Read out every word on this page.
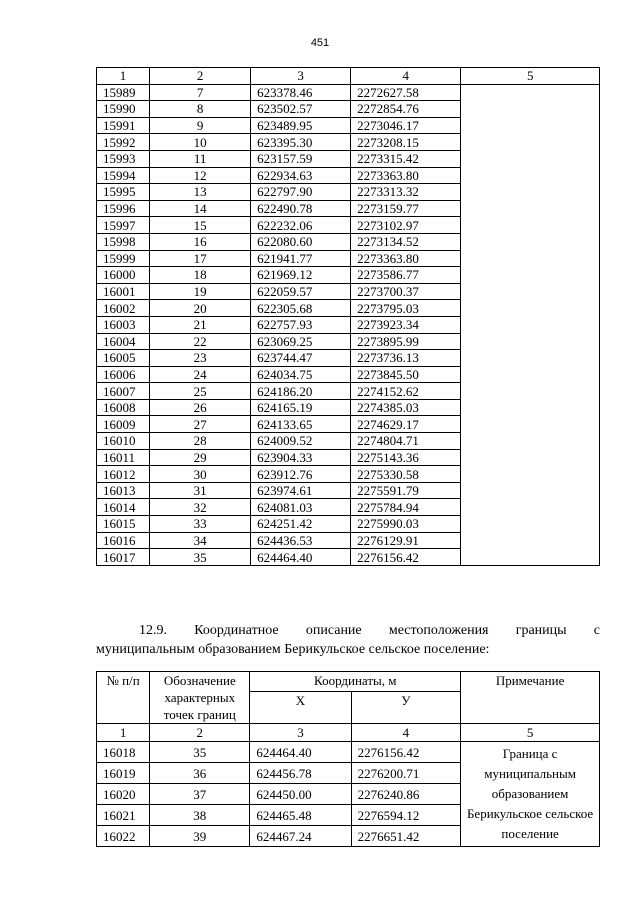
451
1	2	3	4	5
15989	7	623378.46	2272627.58	
15990	8	623502.57	2272854.76	
15991	9	623489.95	2273046.17	
15992	10	623395.30	2273208.15	
15993	11	623157.59	2273315.42	
15994	12	622934.63	2273363.80	
15995	13	622797.90	2273313.32	
15996	14	622490.78	2273159.77	
15997	15	622232.06	2273102.97	
15998	16	622080.60	2273134.52	
15999	17	621941.77	2273363.80	
16000	18	621969.12	2273586.77	
16001	19	622059.57	2273700.37	
16002	20	622305.68	2273795.03	
16003	21	622757.93	2273923.34	
16004	22	623069.25	2273895.99	
16005	23	623744.47	2273736.13	
16006	24	624034.75	2273845.50	
16007	25	624186.20	2274152.62	
16008	26	624165.19	2274385.03	
16009	27	624133.65	2274629.17	
16010	28	624009.52	2274804.71	
16011	29	623904.33	2275143.36	
16012	30	623912.76	2275330.58	
16013	31	623974.61	2275591.79	
16014	32	624081.03	2275784.94	
16015	33	624251.42	2275990.03	
16016	34	624436.53	2276129.91	
16017	35	624464.40	2276156.42	
12.9. Координатное описание местоположения границы с
муниципальным образованием Берикульское сельское поселение:
№ п/п	Обозначение характерных точек границ	Координаты, м		Примечание
		X	У	
1	2	3	4	5
16018	35	624464.40	2276156.42	Граница с муниципальным образованием Берикульское сельское поселение
16019	36	624456.78	2276200.71	
16020	37	624450.00	2276240.86	
16021	38	624465.48	2276594.12	
16022	39	624467.24	2276651.42	
